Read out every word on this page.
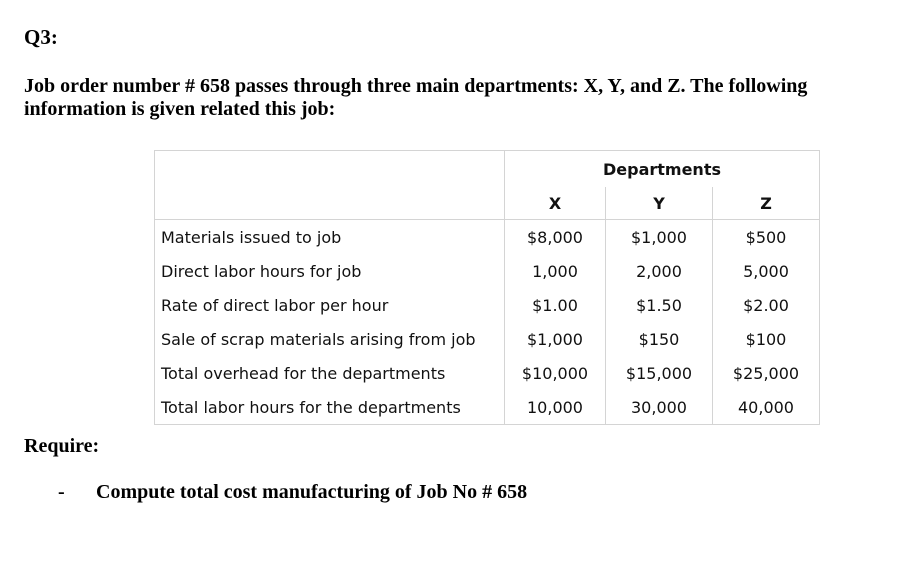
Q3:
Job order number # 658 passes through three main departments: X, Y, and Z. The following information is given related this job:
	Departments		
	X	Y	Z
Materials issued to job	$8,000	$1,000	$500
Direct labor hours for job	1,000	2,000	5,000
Rate of direct labor per hour	$1.00	$1.50	$2.00
Sale of scrap materials arising from job	$1,000	$150	$100
Total overhead for the departments	$10,000	$15,000	$25,000
Total labor hours for the departments	10,000	30,000	40,000
Require:
- Compute total cost manufacturing of Job No # 658
